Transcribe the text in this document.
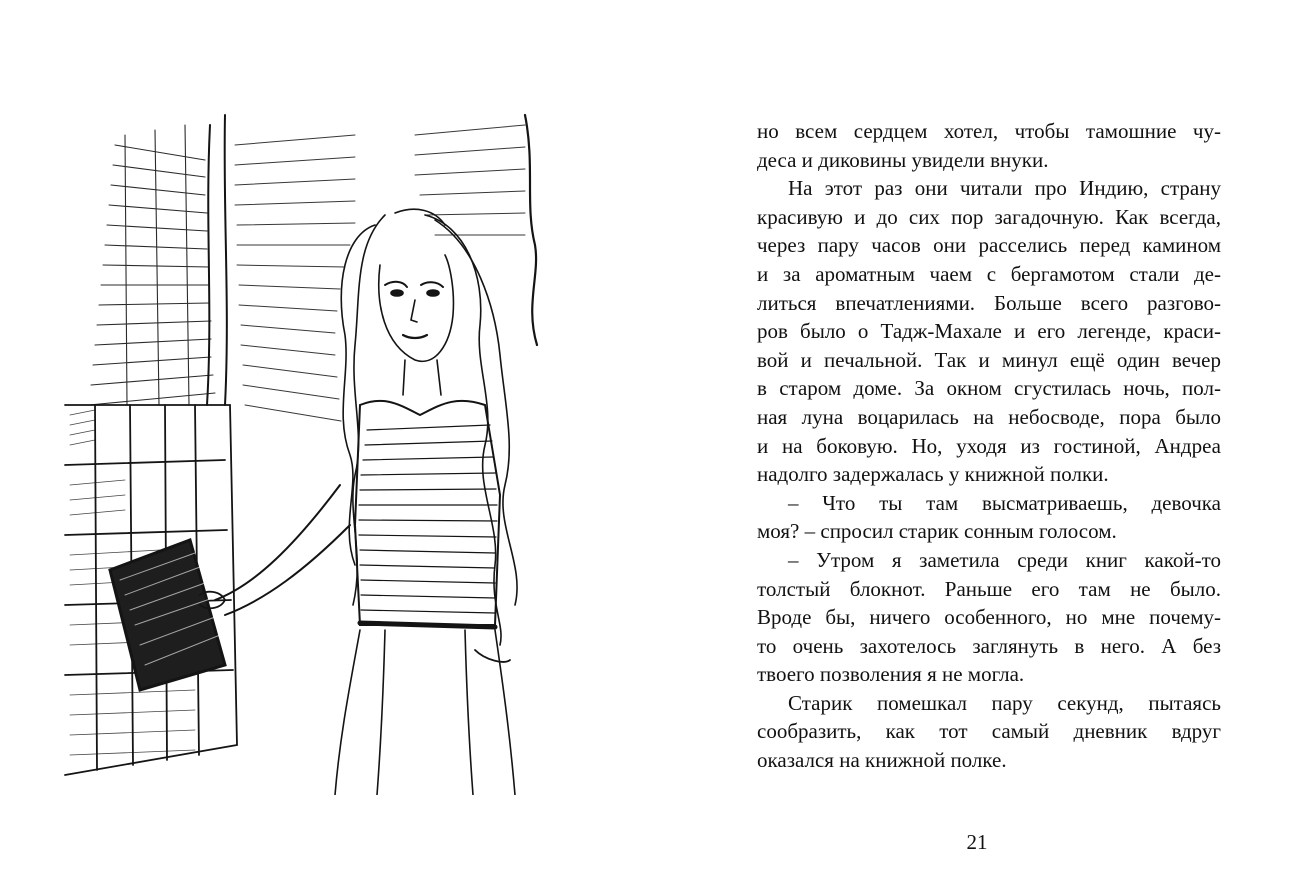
но всем сердцем хотел, чтобы тамошние чу-
деса и диковины увидели внуки.
На этот раз они читали про Индию, страну
красивую и до сих пор загадочную. Как всегда,
через пару часов они расселись перед камином
и за ароматным чаем с бергамотом стали де-
литься впечатлениями. Больше всего разгово-
ров было о Тадж-Махале и его легенде, краси-
вой и печальной. Так и минул ещё один вечер
в старом доме. За окном сгустилась ночь, пол-
ная луна воцарилась на небосводе, пора было
и на боковую. Но, уходя из гостиной, Андреа
надолго задержалась у книжной полки.
– Что ты там высматриваешь, девочка
моя? – спросил старик сонным голосом.
– Утром я заметила среди книг какой-то
толстый блокнот. Раньше его там не было.
Вроде бы, ничего особенного, но мне почему-
то очень захотелось заглянуть в него. А без
твоего позволения я не могла.
Старик помешкал пару секунд, пытаясь
сообразить, как тот самый дневник вдруг
оказался на книжной полке.
21
